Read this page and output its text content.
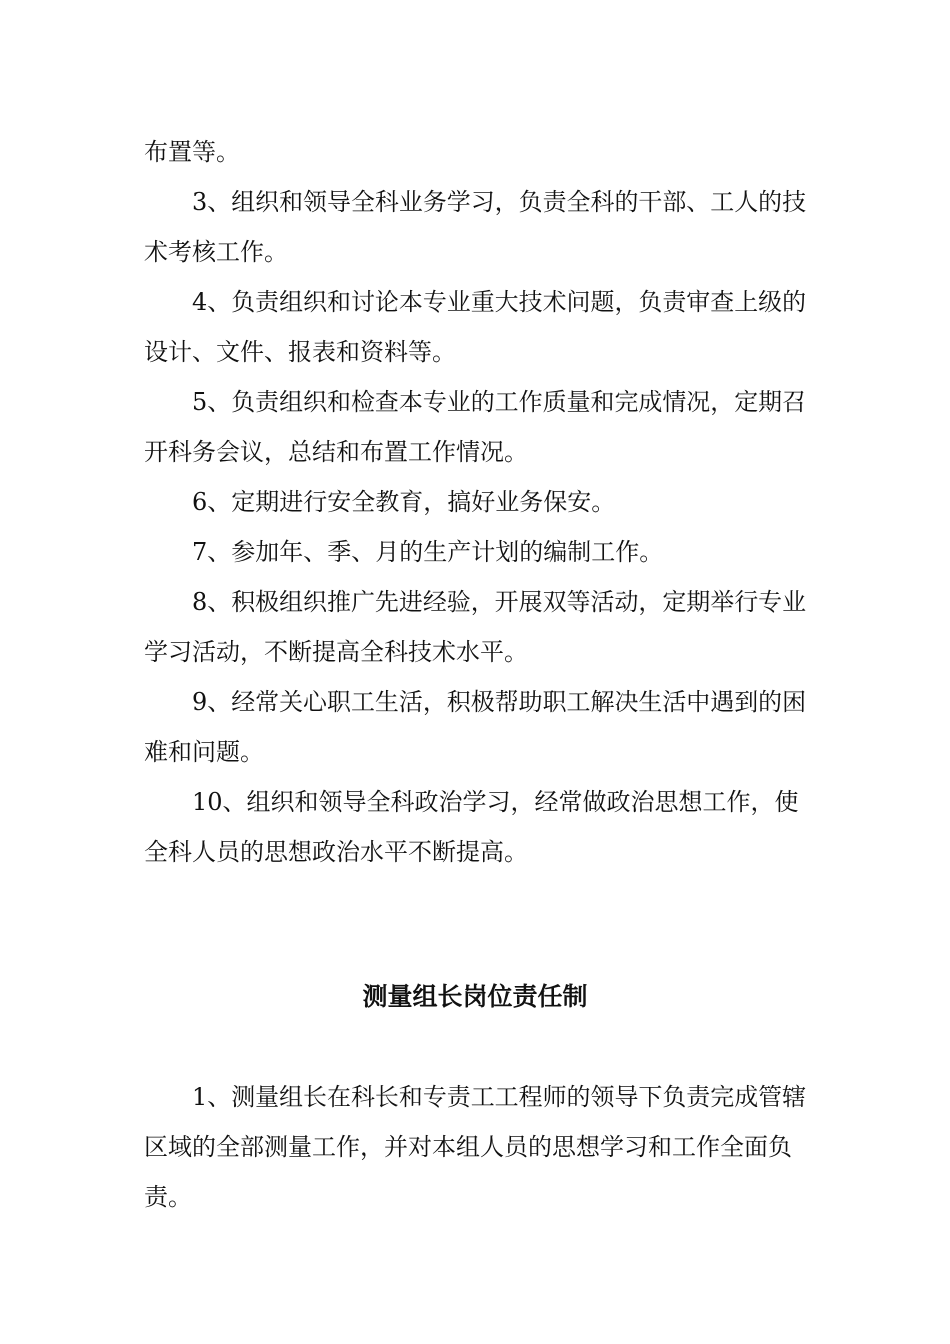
布置等。
3、组织和领导全科业务学习，负责全科的干部、工人的技
术考核工作。
4、负责组织和讨论本专业重大技术问题，负责审查上级的
设计、文件、报表和资料等。
5、负责组织和检查本专业的工作质量和完成情况，定期召
开科务会议，总结和布置工作情况。
6、定期进行安全教育，搞好业务保安。
7、参加年、季、月的生产计划的编制工作。
8、积极组织推广先进经验，开展双等活动，定期举行专业
学习活动，不断提高全科技术水平。
9、经常关心职工生活，积极帮助职工解决生活中遇到的困
难和问题。
10、组织和领导全科政治学习，经常做政治思想工作，使
全科人员的思想政治水平不断提高。
测量组长岗位责任制
1、测量组长在科长和专责工工程师的领导下负责完成管辖
区域的全部测量工作，并对本组人员的思想学习和工作全面负
责。
